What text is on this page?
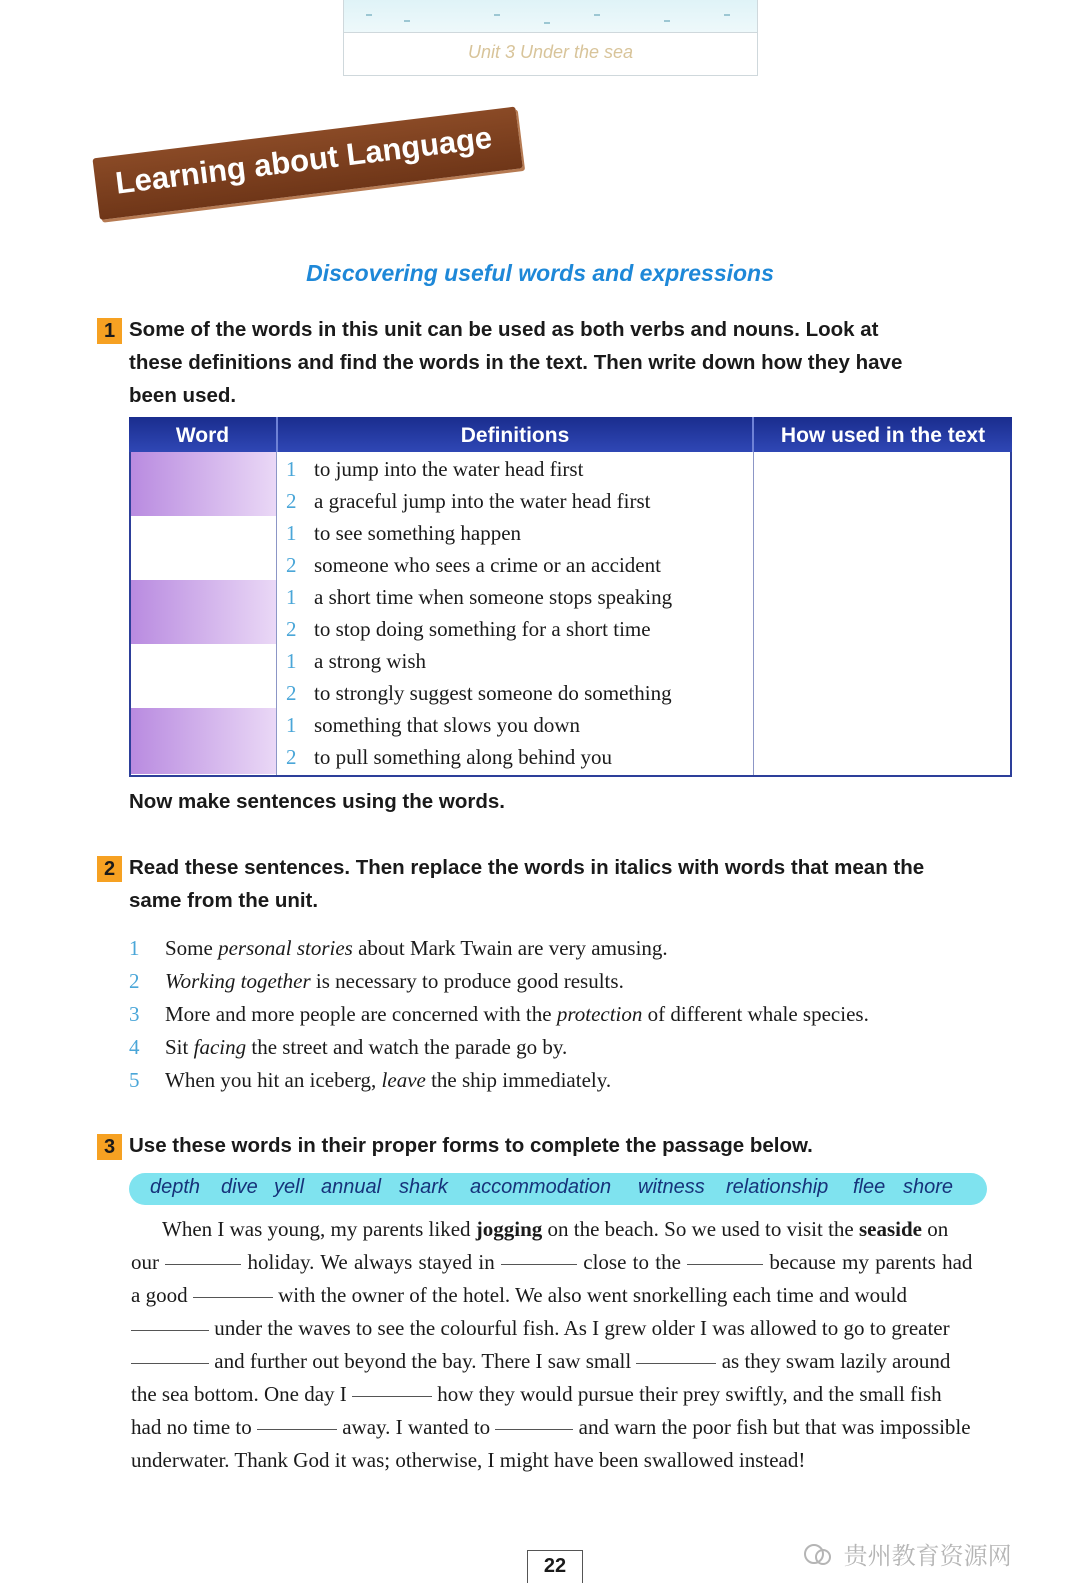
Unit 3 Under the sea
Learning about Language
Discovering useful words and expressions
1 Some of the words in this unit can be used as both verbs and nouns. Look at
these definitions and find the words in the text. Then write down how they have
been used.
Word	Definitions	How used in the text
1 to jump into the water head first
2 a graceful jump into the water head first
1 to see something happen
2 someone who sees a crime or an accident
1 a short time when someone stops speaking
2 to stop doing something for a short time
1 a strong wish
2 to strongly suggest someone do something
1 something that slows you down
2 to pull something along behind you
Now make sentences using the words.
2 Read these sentences. Then replace the words in italics with words that mean the
same from the unit.
1 Some personal stories about Mark Twain are very amusing.
2 Working together is necessary to produce good results.
3 More and more people are concerned with the protection of different whale species.
4 Sit facing the street and watch the parade go by.
5 When you hit an iceberg, leave the ship immediately.
3 Use these words in their proper forms to complete the passage below.
depth dive yell annual shark accommodation witness relationship flee shore
When I was young, my parents liked jogging on the beach. So we used to visit the seaside on
our	holiday. We always stayed in	close to the	because my parents had
a good	with the owner of the hotel. We also went snorkelling each time and would
under the waves to see the colourful fish. As I grew older I was allowed to go to greater
and further out beyond the bay. There I saw small	as they swam lazily around
the sea bottom. One day I	how they would pursue their prey swiftly, and the small fish
had no time to	away. I wanted to	and warn the poor fish but that was impossible
underwater. Thank God it was; otherwise, I might have been swallowed instead!
22	贵州教育资源网
